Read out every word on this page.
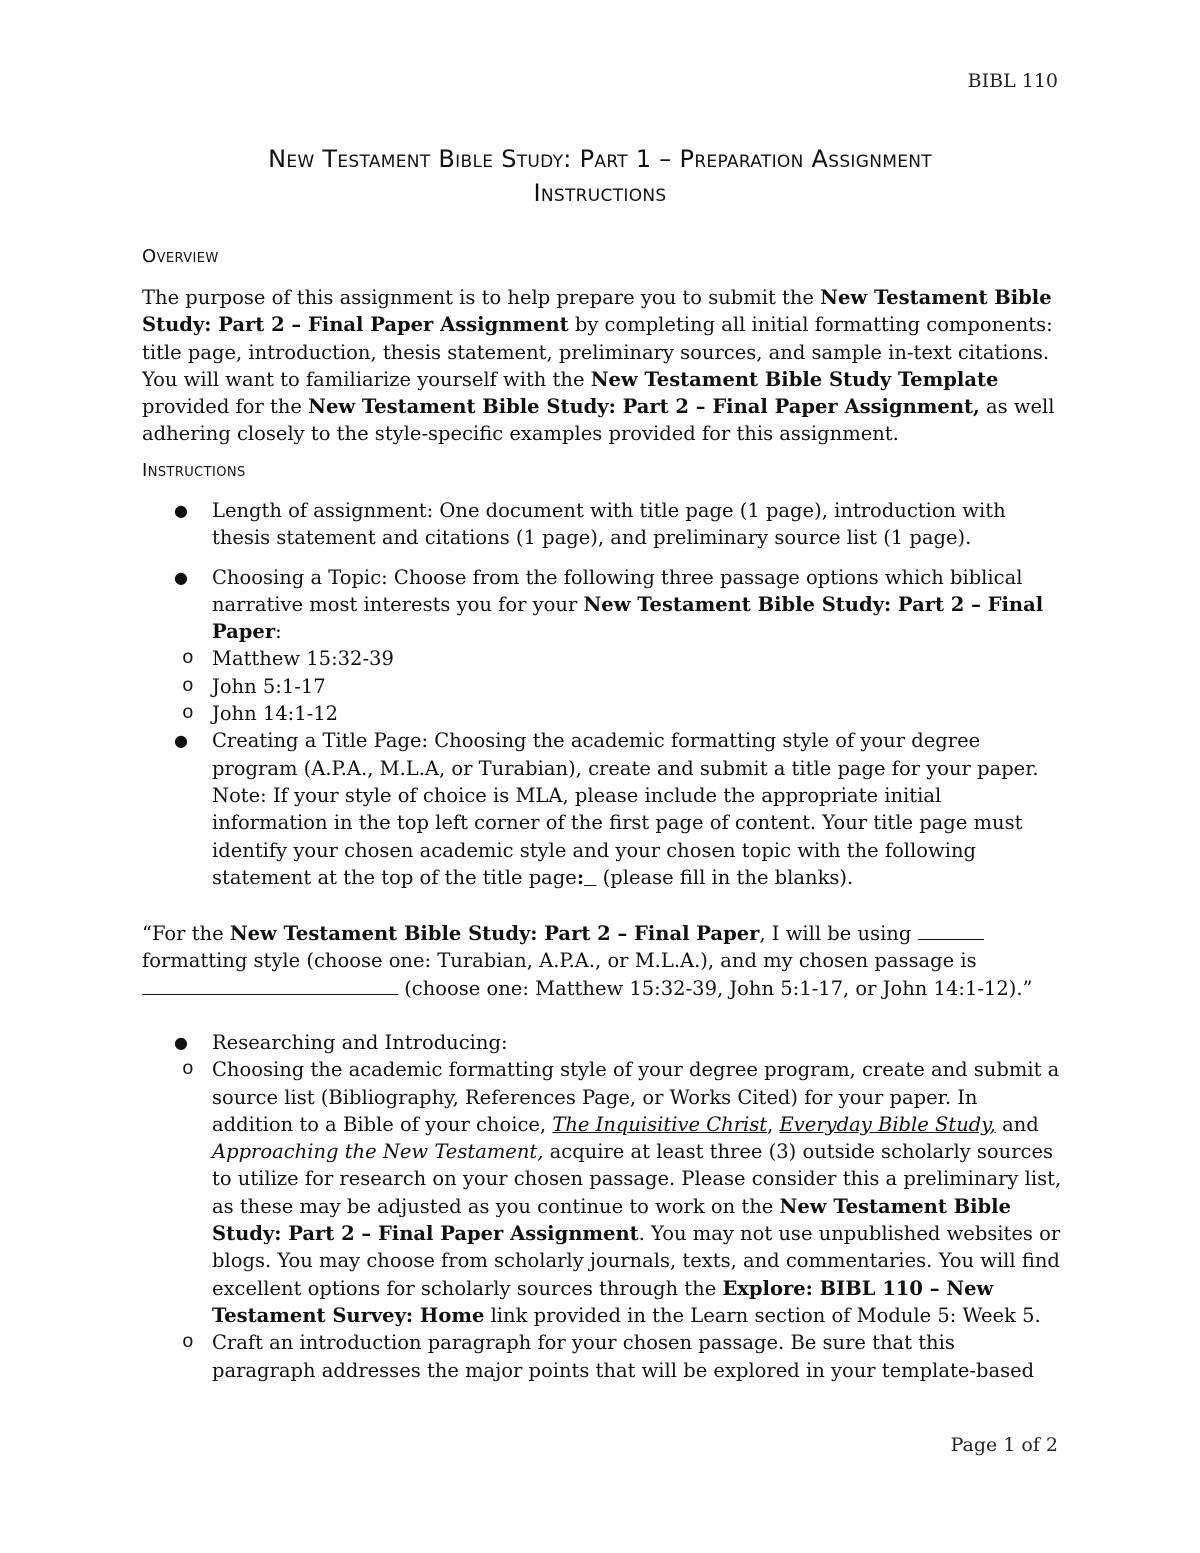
BIBL 110
New Testament Bible Study: Part 1 – Preparation Assignment
Instructions
Overview

The purpose of this assignment is to help prepare you to submit the New Testament Bible Study: Part 2 – Final Paper Assignment by completing all initial formatting components: title page, introduction, thesis statement, preliminary sources, and sample in-text citations. You will want to familiarize yourself with the New Testament Bible Study Template provided for the New Testament Bible Study: Part 2 – Final Paper Assignment, as well adhering closely to the style-specific examples provided for this assignment.

Instructions
● Length of assignment: One document with title page (1 page), introduction with thesis statement and citations (1 page), and preliminary source list (1 page).
● Choosing a Topic: Choose from the following three passage options which biblical narrative most interests you for your New Testament Bible Study: Part 2 – Final Paper:
o Matthew 15:32-39
o John 5:1-17
o John 14:1-12
● Creating a Title Page: Choosing the academic formatting style of your degree program (A.P.A., M.L.A, or Turabian), create and submit a title page for your paper. Note: If your style of choice is MLA, please include the appropriate initial information in the top left corner of the first page of content. Your title page must identify your chosen academic style and your chosen topic with the following statement at the top of the title page:   (please fill in the blanks).

“For the New Testament Bible Study: Part 2 – Final Paper, I will be using  formatting style (choose one: Turabian, A.P.A., or M.L.A.), and my chosen passage is
(choose one: Matthew 15:32-39, John 5:1-17, or John 14:1-12).”

● Researching and Introducing:
o Choosing the academic formatting style of your degree program, create and submit a source list (Bibliography, References Page, or Works Cited) for your paper. In addition to a Bible of your choice, The Inquisitive Christ, Everyday Bible Study, and Approaching the New Testament, acquire at least three (3) outside scholarly sources to utilize for research on your chosen passage. Please consider this a preliminary list, as these may be adjusted as you continue to work on the New Testament Bible Study: Part 2 – Final Paper Assignment. You may not use unpublished websites or blogs. You may choose from scholarly journals, texts, and commentaries. You will find excellent options for scholarly sources through the Explore: BIBL 110 – New Testament Survey: Home link provided in the Learn section of Module 5: Week 5.
o Craft an introduction paragraph for your chosen passage. Be sure that this paragraph addresses the major points that will be explored in your template-based
Page 1 of 2
